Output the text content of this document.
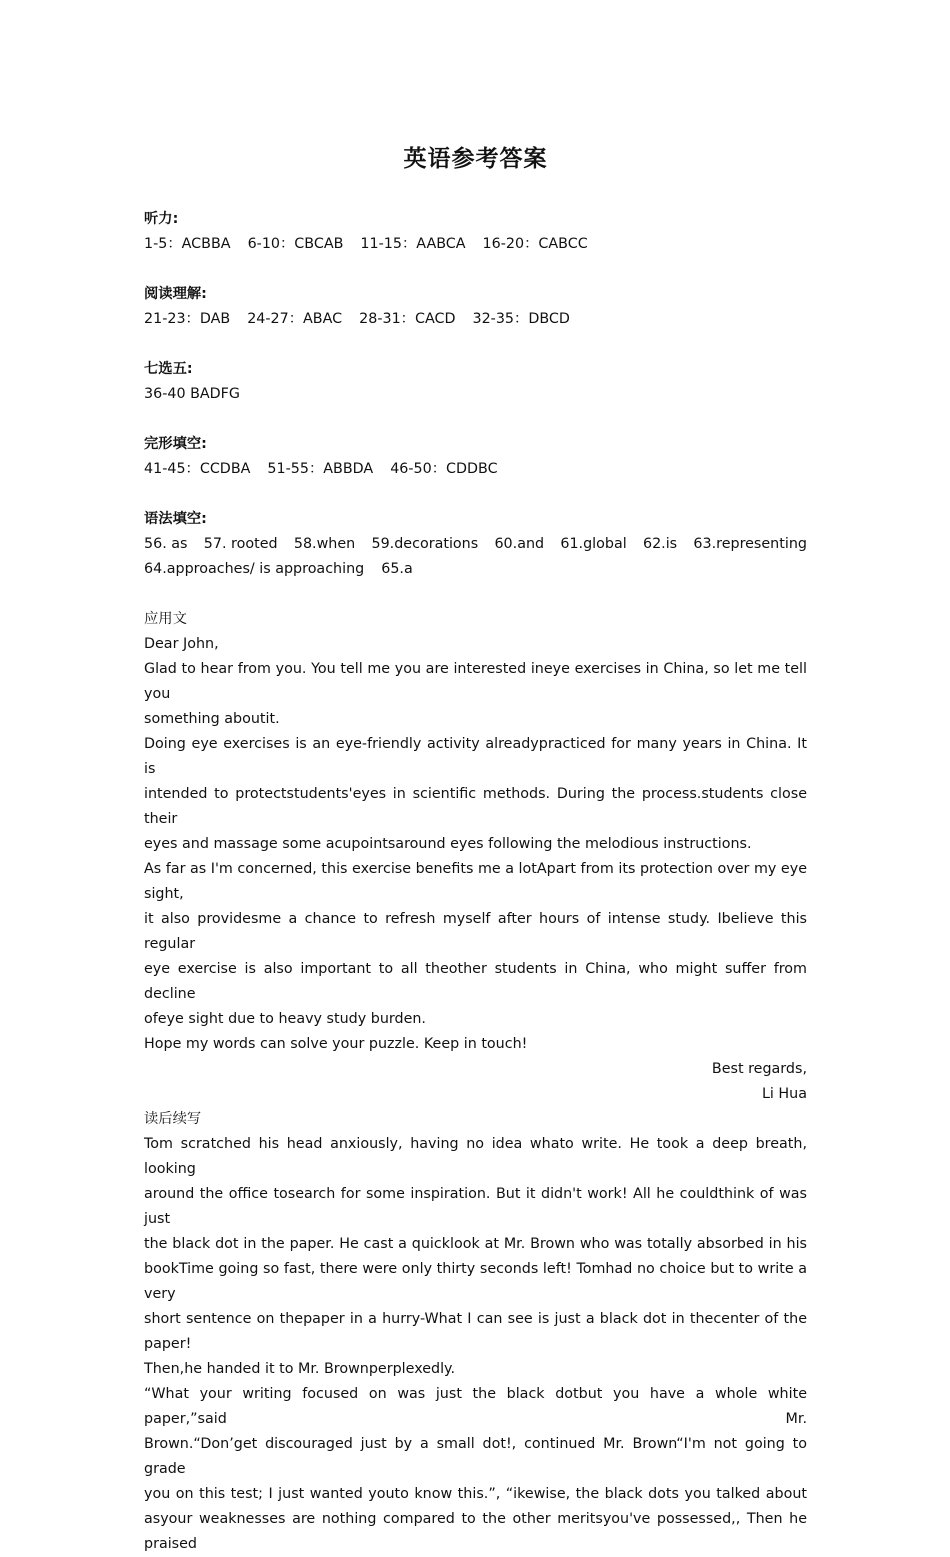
英语参考答案
听力:
1-5：ACBBA 6-10：CBCAB 11-15：AABCA 16-20：CABCC
阅读理解:
21-23：DAB 24-27：ABAC 28-31：CACD 32-35：DBCD
七选五:
36-40 BADFG
完形填空:
41-45：CCDBA 51-55：ABBDA 46-50：CDDBC
语法填空:
56. as 57. rooted 58.when 59.decorations 60.and 61.global 62.is 63.representing
64.approaches/ is approaching 65.a
应用文
Dear John,
Glad to hear from you. You tell me you are interested ineye exercises in China, so let me tell you
something aboutit.
Doing eye exercises is an eye-friendly activity alreadypracticed for many years in China. It is
intended to protectstudents'eyes in scientific methods. During the process.students close their
eyes and massage some acupointsaround eyes following the melodious instructions.
As far as I'm concerned, this exercise benefits me a lotApart from its protection over my eye sight,
it also providesme a chance to refresh myself after hours of intense study. Ibelieve this regular
eye exercise is also important to all theother students in China, who might suffer from decline
ofeye sight due to heavy study burden.
Hope my words can solve your puzzle. Keep in touch!
Best regards,
Li Hua
读后续写
Tom scratched his head anxiously, having no idea whato write. He took a deep breath, looking
around the office tosearch for some inspiration. But it didn't work! All he couldthink of was just
the black dot in the paper. He cast a quicklook at Mr. Brown who was totally absorbed in his
bookTime going so fast, there were only thirty seconds left! Tomhad no choice but to write a very
short sentence on thepaper in a hurry-What I can see is just a black dot in thecenter of the paper!
Then,he handed it to Mr. Brownperplexedly.
“What your writing focused on was just the black dotbut you have a whole white paper,”said Mr.
Brown.“Don’get discouraged just by a small dot!, continued Mr. Brown“I'm not going to grade
you on this test; I just wanted youto know this.”, “ikewise, the black dots you talked about
asyour weaknesses are nothing compared to the other meritsyou've possessed,, Then he praised
